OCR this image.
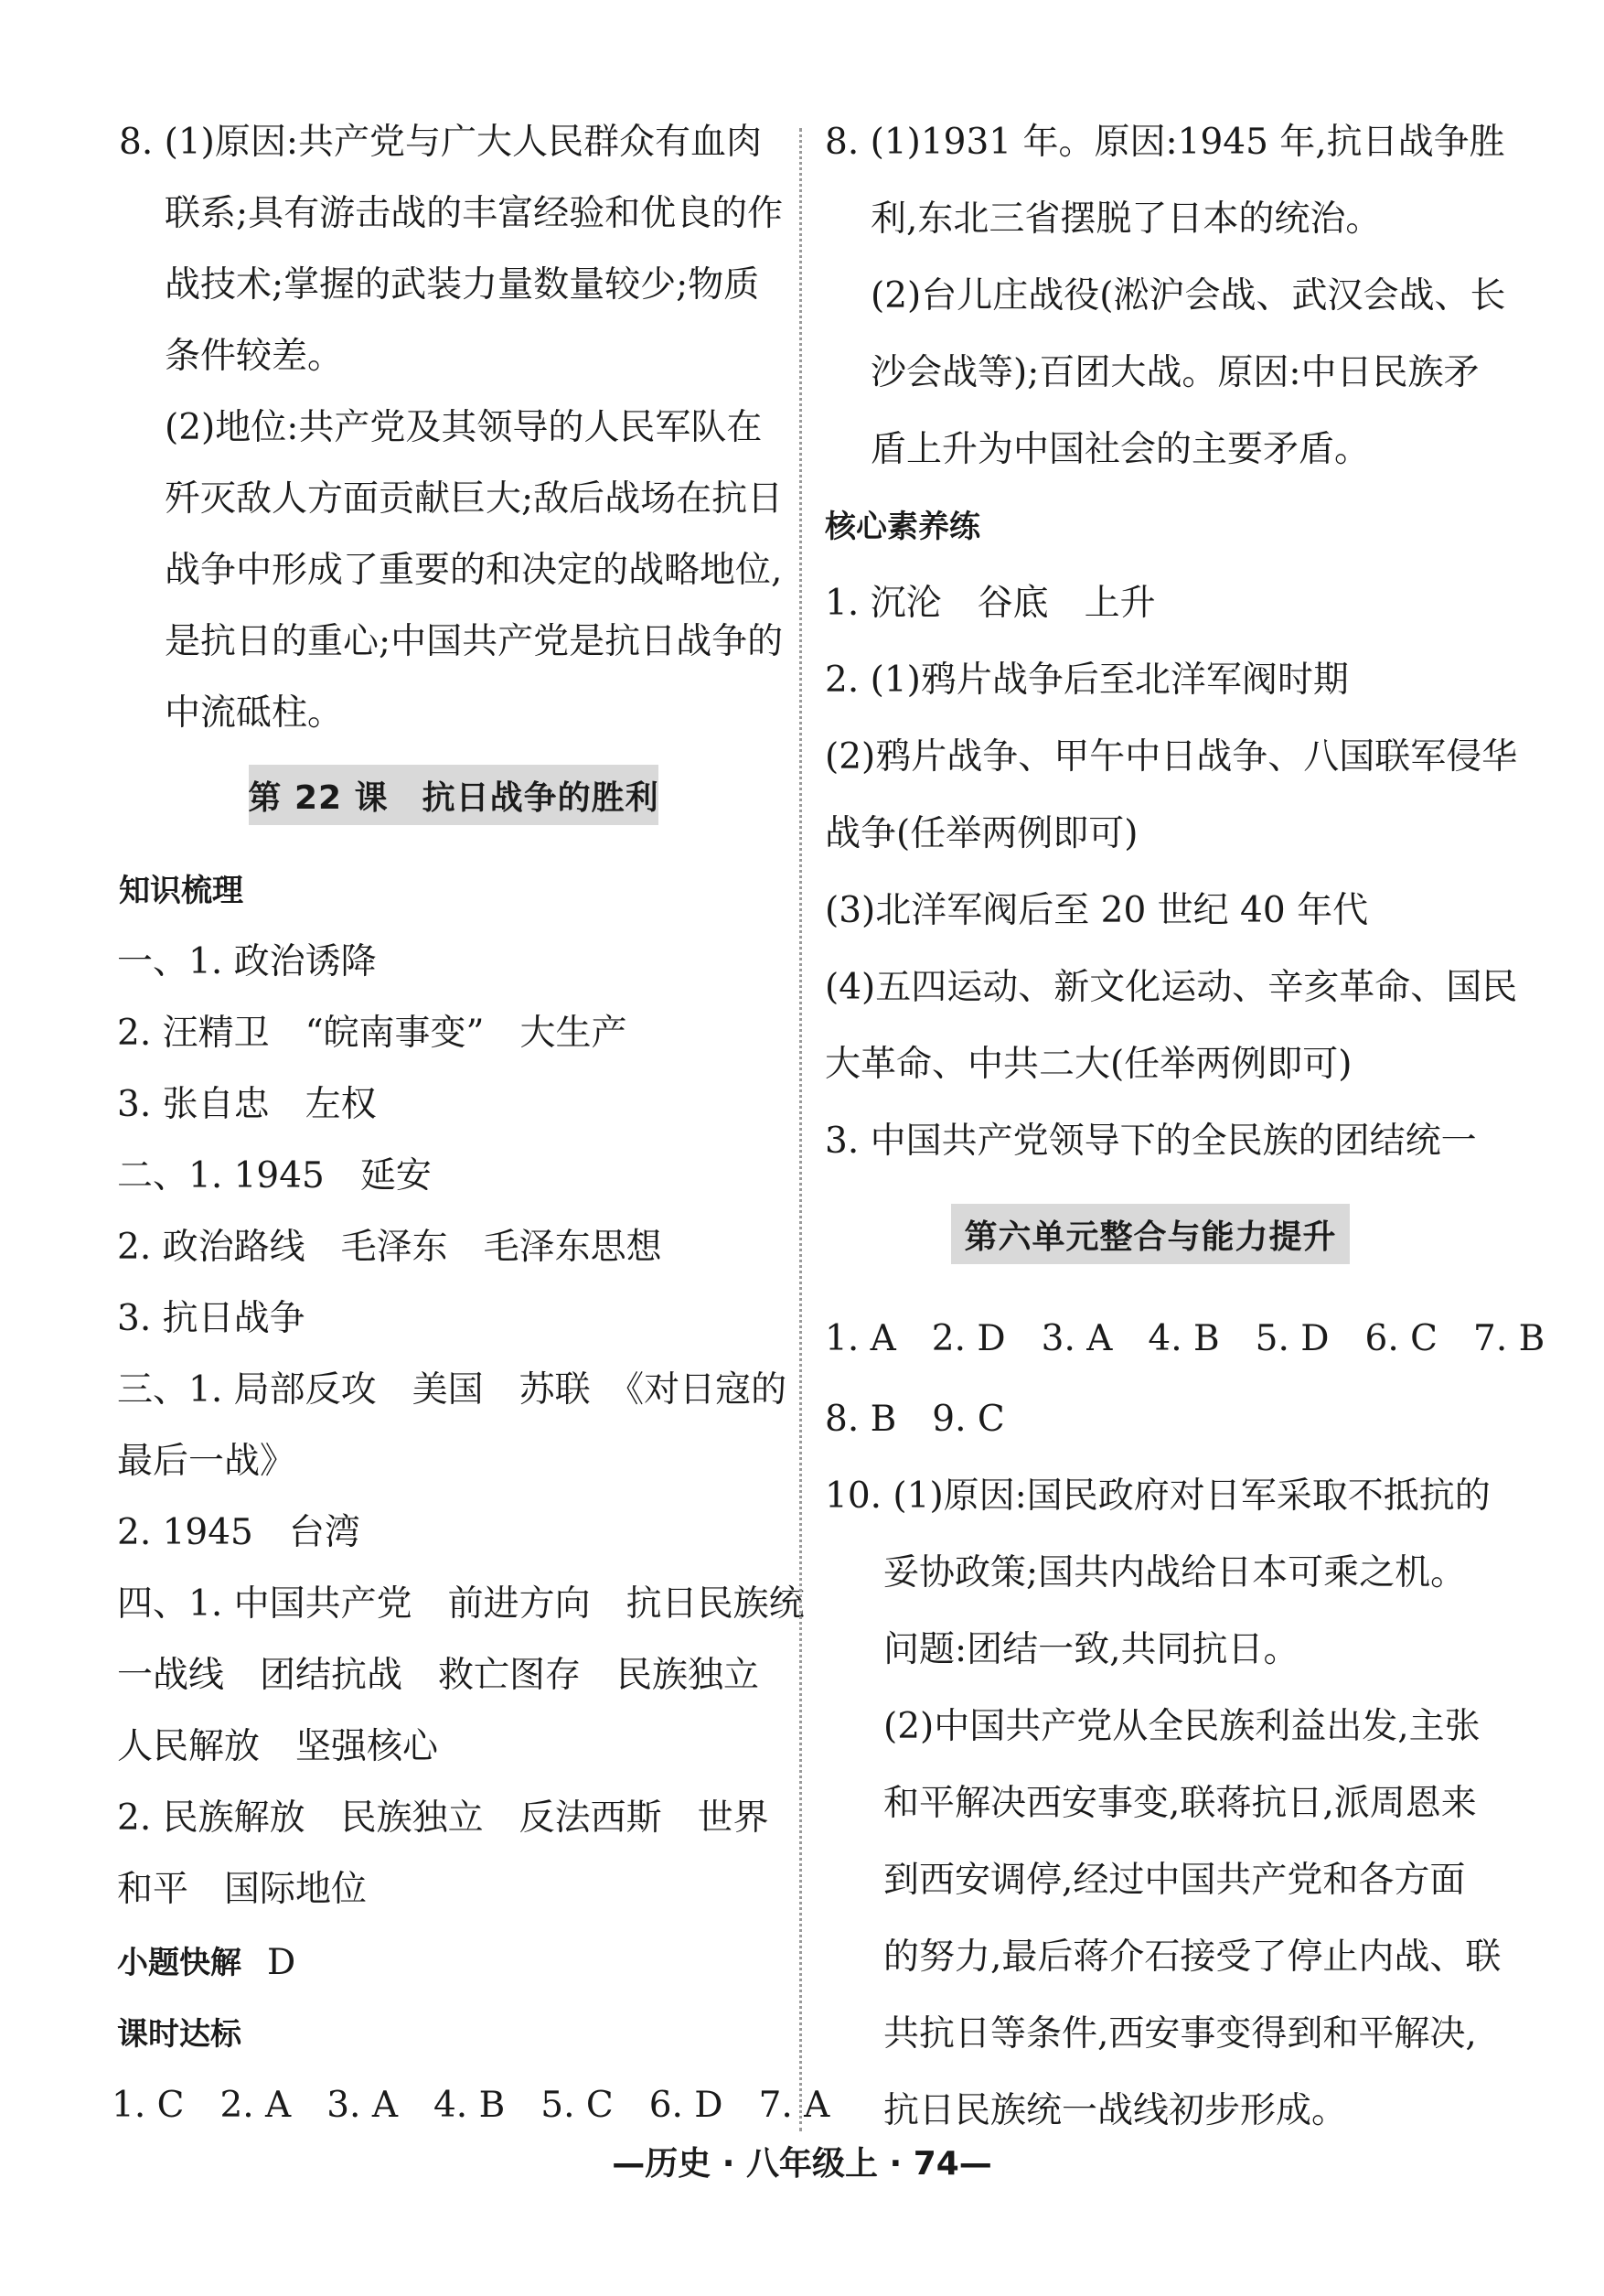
8. (1)原因:共产党与广大人民群众有血肉

联系;具有游击战的丰富经验和优良的作

战技术;掌握的武装力量数量较少;物质

条件较差。

(2)地位:共产党及其领导的人民军队在

歼灭敌人方面贡献巨大;敌后战场在抗日

战争中形成了重要的和决定的战略地位,

是抗日的重心;中国共产党是抗日战争的

中流砥柱。

第 22 课　抗日战争的胜利

知识梳理

一、1. 政治诱降

2. 汪精卫　“皖南事变”　大生产

3. 张自忠　左权

二、1. 1945　延安

2. 政治路线　毛泽东　毛泽东思想

3. 抗日战争

三、1. 局部反攻　美国　苏联　《对日寇的

最后一战》

2. 1945　台湾

四、1. 中国共产党　前进方向　抗日民族统

一战线　团结抗战　救亡图存　民族独立

人民解放　坚强核心

2. 民族解放　民族独立　反法西斯　世界

和平　国际地位

小题快解 D

课时达标

1. C　2. A　3. A　4. B　5. C　6. D　7. A

8. (1)1931 年。原因:1945 年,抗日战争胜

利,东北三省摆脱了日本的统治。

(2)台儿庄战役(淞沪会战、武汉会战、长

沙会战等);百团大战。原因:中日民族矛

盾上升为中国社会的主要矛盾。

核心素养练

1. 沉沦　谷底　上升

2. (1)鸦片战争后至北洋军阀时期

(2)鸦片战争、甲午中日战争、八国联军侵华

战争(任举两例即可)

(3)北洋军阀后至 20 世纪 40 年代

(4)五四运动、新文化运动、辛亥革命、国民

大革命、中共二大(任举两例即可)

3. 中国共产党领导下的全民族的团结统一

第六单元整合与能力提升

1. A　2. D　3. A　4. B　5. D　6. C　7. B

8. B　9. C

10. (1)原因:国民政府对日军采取不抵抗的

妥协政策;国共内战给日本可乘之机。

问题:团结一致,共同抗日。

(2)中国共产党从全民族利益出发,主张

和平解决西安事变,联蒋抗日,派周恩来

到西安调停,经过中国共产党和各方面

的努力,最后蒋介石接受了停止内战、联

共抗日等条件,西安事变得到和平解决,

抗日民族统一战线初步形成。

—历史 · 八年级上 · 74—
